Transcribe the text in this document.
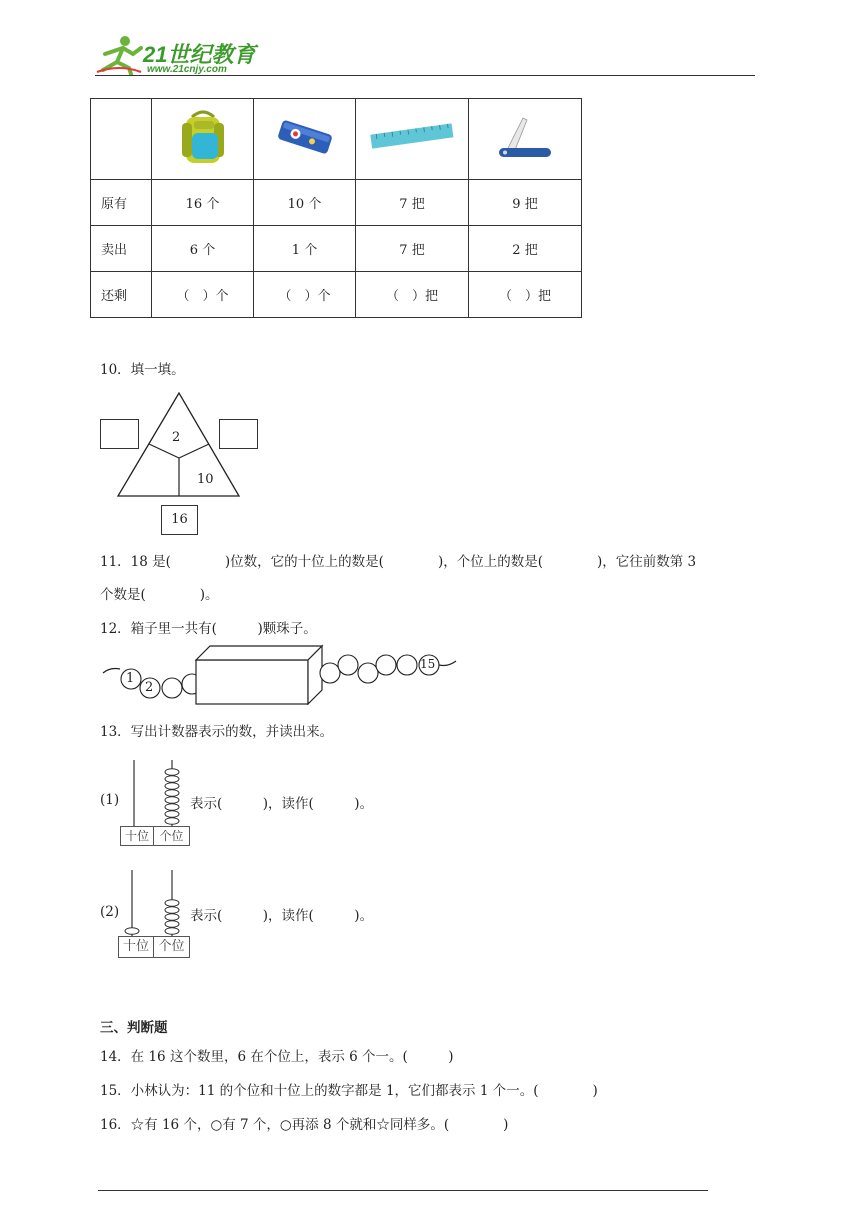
21世纪教育
www.21cnjy.com

原有	16 个	10 个	7 把	9 把
卖出	6 个	1 个	7 把	2 把
还剩	（　）个	（　）个	（　）把	（　）把
10．填一填。
2
10
16
11．18 是(　　　　)位数，它的十位上的数是(　　　　)，个位上的数是(　　　　)，它往前数第 3
个数是(　　　　)。
12．箱子里一共有(　　　)颗珠子。
1
2
15
13．写出计数器表示的数，并读出来。
(1)
十位 个位
表示(　　　)，读作(　　　)。
(2)
十位 个位
表示(　　　)，读作(　　　)。
三、判断题
14．在 16 这个数里，6 在个位上，表示 6 个一。(　　　)
15．小林认为：11 的个位和十位上的数字都是 1，它们都表示 1 个一。(　　　　)
16．☆有 16 个，○有 7 个，○再添 8 个就和☆同样多。(　　　　)
